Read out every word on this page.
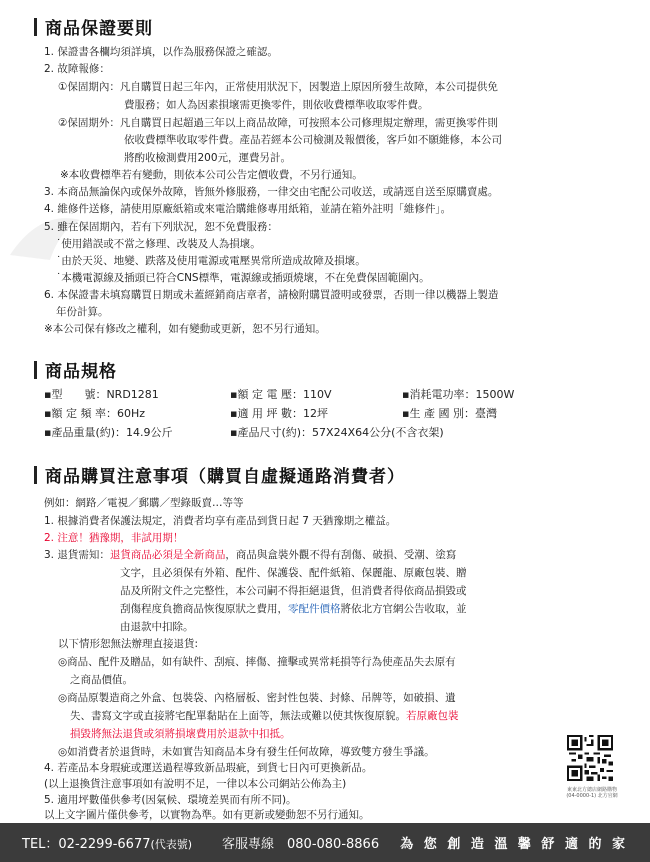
商品保證要則
1. 保證書各欄均須詳填，以作為服務保證之確認。
2. 故障報修：
①保固期內：凡自購買日起三年內，正常使用狀況下，因製造上原因所發生故障，本公司提供免
費服務；如人為因素損壞需更換零件，則依收費標準收取零件費。
②保固期外：凡自購買日起超過三年以上商品故障，可按照本公司修理規定辦理，需更換零件則
依收費標準收取零件費。產品若經本公司檢測及報價後，客戶如不願維修，本公司
將酌收檢測費用200元，運費另計。
※本收費標準若有變動，則依本公司公告定價收費，不另行通知。
3. 本商品無論保內或保外故障，皆無外修服務，一律交由宅配公司收送，或請逕自送至原購賣處。
4. 維修件送修，請使用原廠紙箱或來電洽購維修專用紙箱，並請在箱外註明「維修件」。
5. 雖在保固期內，若有下列狀況，恕不免費服務：
˙使用錯誤或不當之修理、改裝及人為損壞。
˙由於天災、地變、跌落及使用電源或電壓異常所造成故障及損壞。
˙本機電源線及插頭已符合CNS標準，電源線或插頭燒壞，不在免費保固範圍內。
6. 本保證書未填寫購買日期或未蓋經銷商店章者，請檢附購買證明或發票，否則一律以機器上製造
年份計算。
※本公司保有修改之權利，如有變動或更新，恕不另行通知。
商品規格
▪型　　號：NRD1281	▪額 定 電 壓：110V	▪消耗電功率：1500W
▪額 定 頻 率：60Hz	▪適 用 坪 數：12坪	▪生 產 國 別：臺灣
▪產品重量(約)：14.9公斤	▪產品尺寸(約)：57X24X64公分(不含衣架)
商品購買注意事項（購買自虛擬通路消費者）
例如：網路／電視／郵購／型錄販賣…等等
1. 根據消費者保護法規定，消費者均享有產品到貨日起 7 天猶豫期之權益。
2. 注意！猶豫期，非試用期！
3. 退貨需知：退貨商品必須是全新商品，商品與盒裝外觀不得有刮傷、破損、受潮、塗寫
文字，且必須保有外箱、配件、保護袋、配件紙箱、保麗龍、原廠包裝、贈
品及所附文件之完整性，本公司嗣不得拒絕退貨，但消費者得依商品損毀或
刮傷程度負擔商品恢復原狀之費用，零配件價格將依北方官網公告收取，並
由退款中扣除。
以下情形恕無法辦理直接退貨:
◎商品、配件及贈品，如有缺件、刮痕、摔傷、撞擊或異常耗損等行為使產品失去原有
之商品價值。
◎商品原製造商之外盒、包裝袋、內格層板、密封性包裝、封條、吊牌等，如破損、遺
失、書寫文字或直接將宅配單黏貼在上面等，無法或難以使其恢復原貌。若原廠包裝
損毀將無法退貨或須將損壞費用於退款中扣抵。
◎如消費者於退貨時，未如實告知商品本身有發生任何故障，導致雙方發生爭議。
4. 若產品本身瑕疵或運送過程導致新品瑕疵，到貨七日內可更換新品。
(以上退換貨注意事項如有說明不足，一律以本公司網站公佈為主)
5. 適用坪數僅供參考(因氣候、環境差異而有所不同)。
東東北方總店網路購物
(04-0000-1) 北方官網
TEL：02-2299-6677(代表號) 客服專線　080-080-8866 為 您 創 造 溫 馨 舒 適 的 家
以上文字圖片僅供參考，以實物為準。如有更新或變動恕不另行通知。
